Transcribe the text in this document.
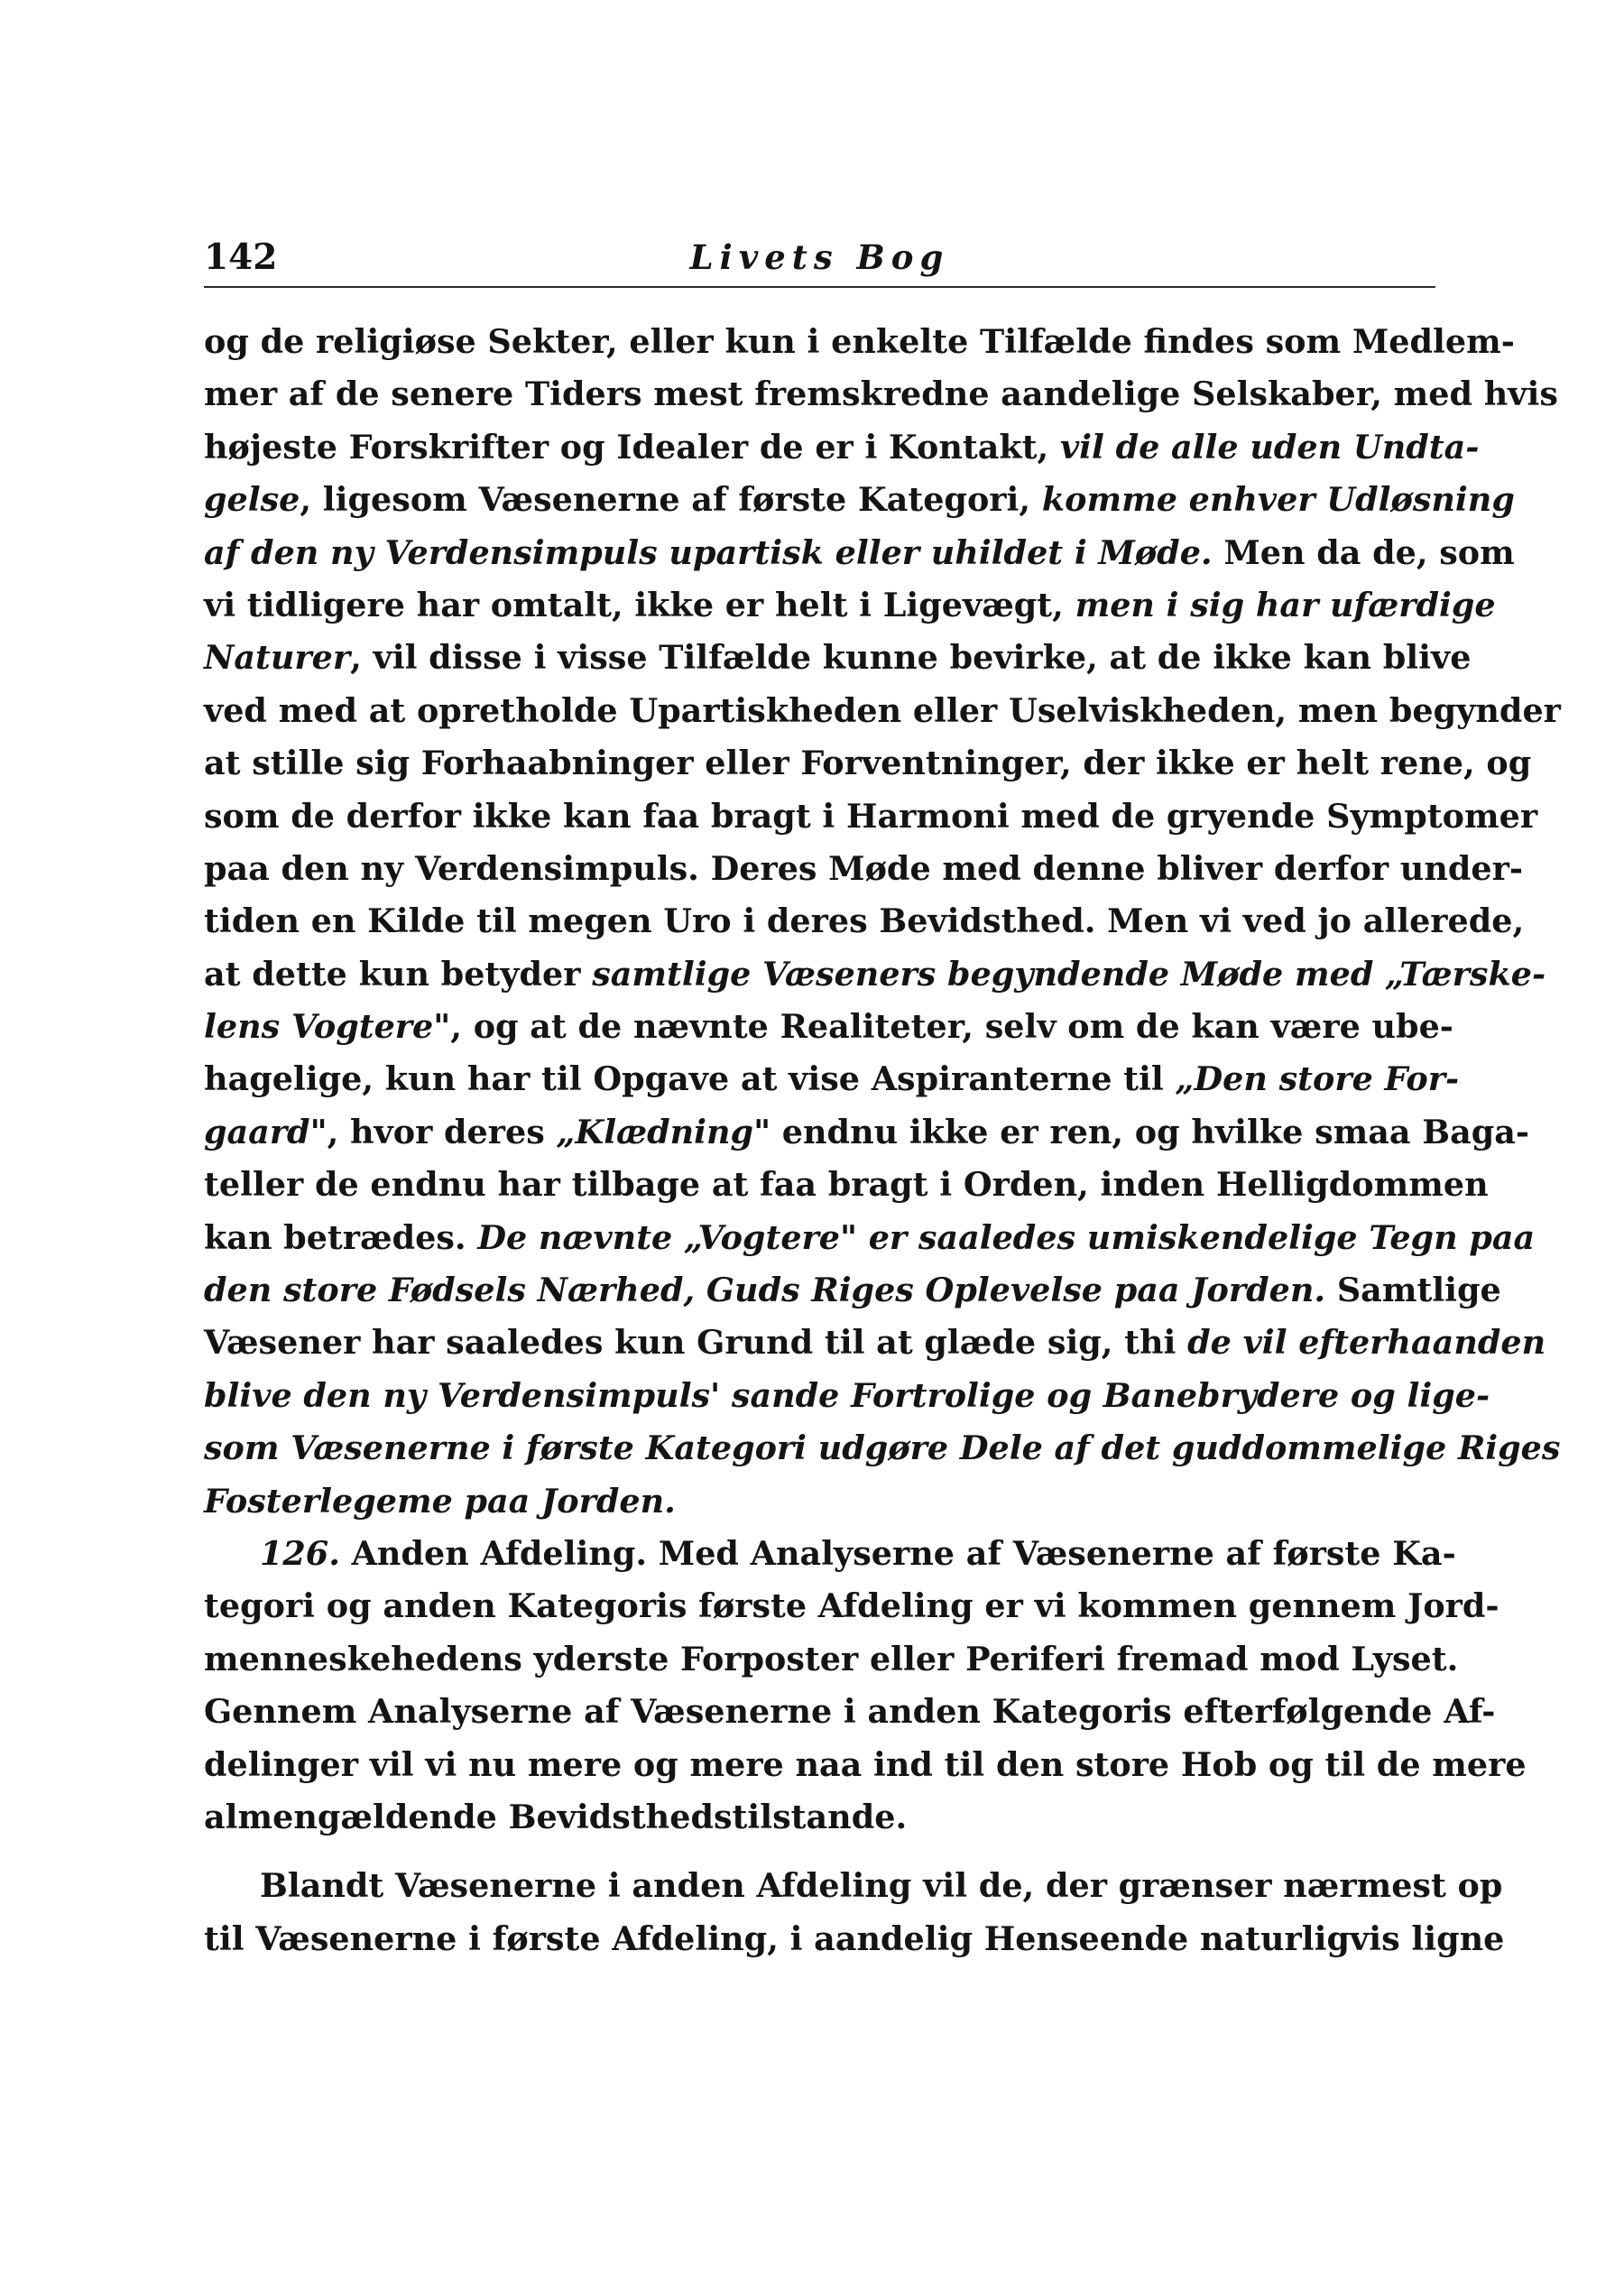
142	Livets Bog
og de religiøse Sekter, eller kun i enkelte Tilfælde findes som Medlem-
mer af de senere Tiders mest fremskredne aandelige Selskaber, med hvis
højeste Forskrifter og Idealer de er i Kontakt, vil de alle uden Undta-
gelse, ligesom Væsenerne af første Kategori, komme enhver Udløsning
af den ny Verdensimpuls upartisk eller uhildet i Møde. Men da de, som
vi tidligere har omtalt, ikke er helt i Ligevægt, men i sig har ufærdige
Naturer, vil disse i visse Tilfælde kunne bevirke, at de ikke kan blive
ved med at opretholde Upartiskheden eller Uselviskheden, men begynder
at stille sig Forhaabninger eller Forventninger, der ikke er helt rene, og
som de derfor ikke kan faa bragt i Harmoni med de gryende Symptomer
paa den ny Verdensimpuls. Deres Møde med denne bliver derfor under-
tiden en Kilde til megen Uro i deres Bevidsthed. Men vi ved jo allerede,
at dette kun betyder samtlige Væseners begyndende Møde med „Tærske-
lens Vogtere", og at de nævnte Realiteter, selv om de kan være ube-
hagelige, kun har til Opgave at vise Aspiranterne til „Den store For-
gaard", hvor deres „Klædning" endnu ikke er ren, og hvilke smaa Baga-
teller de endnu har tilbage at faa bragt i Orden, inden Helligdommen
kan betrædes. De nævnte „Vogtere" er saaledes umiskendelige Tegn paa
den store Fødsels Nærhed, Guds Riges Oplevelse paa Jorden. Samtlige
Væsener har saaledes kun Grund til at glæde sig, thi de vil efterhaanden
blive den ny Verdensimpuls' sande Fortrolige og Banebrydere og lige-
som Væsenerne i første Kategori udgøre Dele af det guddommelige Riges
Fosterlegeme paa Jorden.
126. Anden Afdeling. Med Analyserne af Væsenerne af første Ka-
tegori og anden Kategoris første Afdeling er vi kommen gennem Jord-
menneskehedens yderste Forposter eller Periferi fremad mod Lyset.
Gennem Analyserne af Væsenerne i anden Kategoris efterfølgende Af-
delinger vil vi nu mere og mere naa ind til den store Hob og til de mere
almengældende Bevidsthedstilstande.
Blandt Væsenerne i anden Afdeling vil de, der grænser nærmest op
til Væsenerne i første Afdeling, i aandelig Henseende naturligvis ligne
